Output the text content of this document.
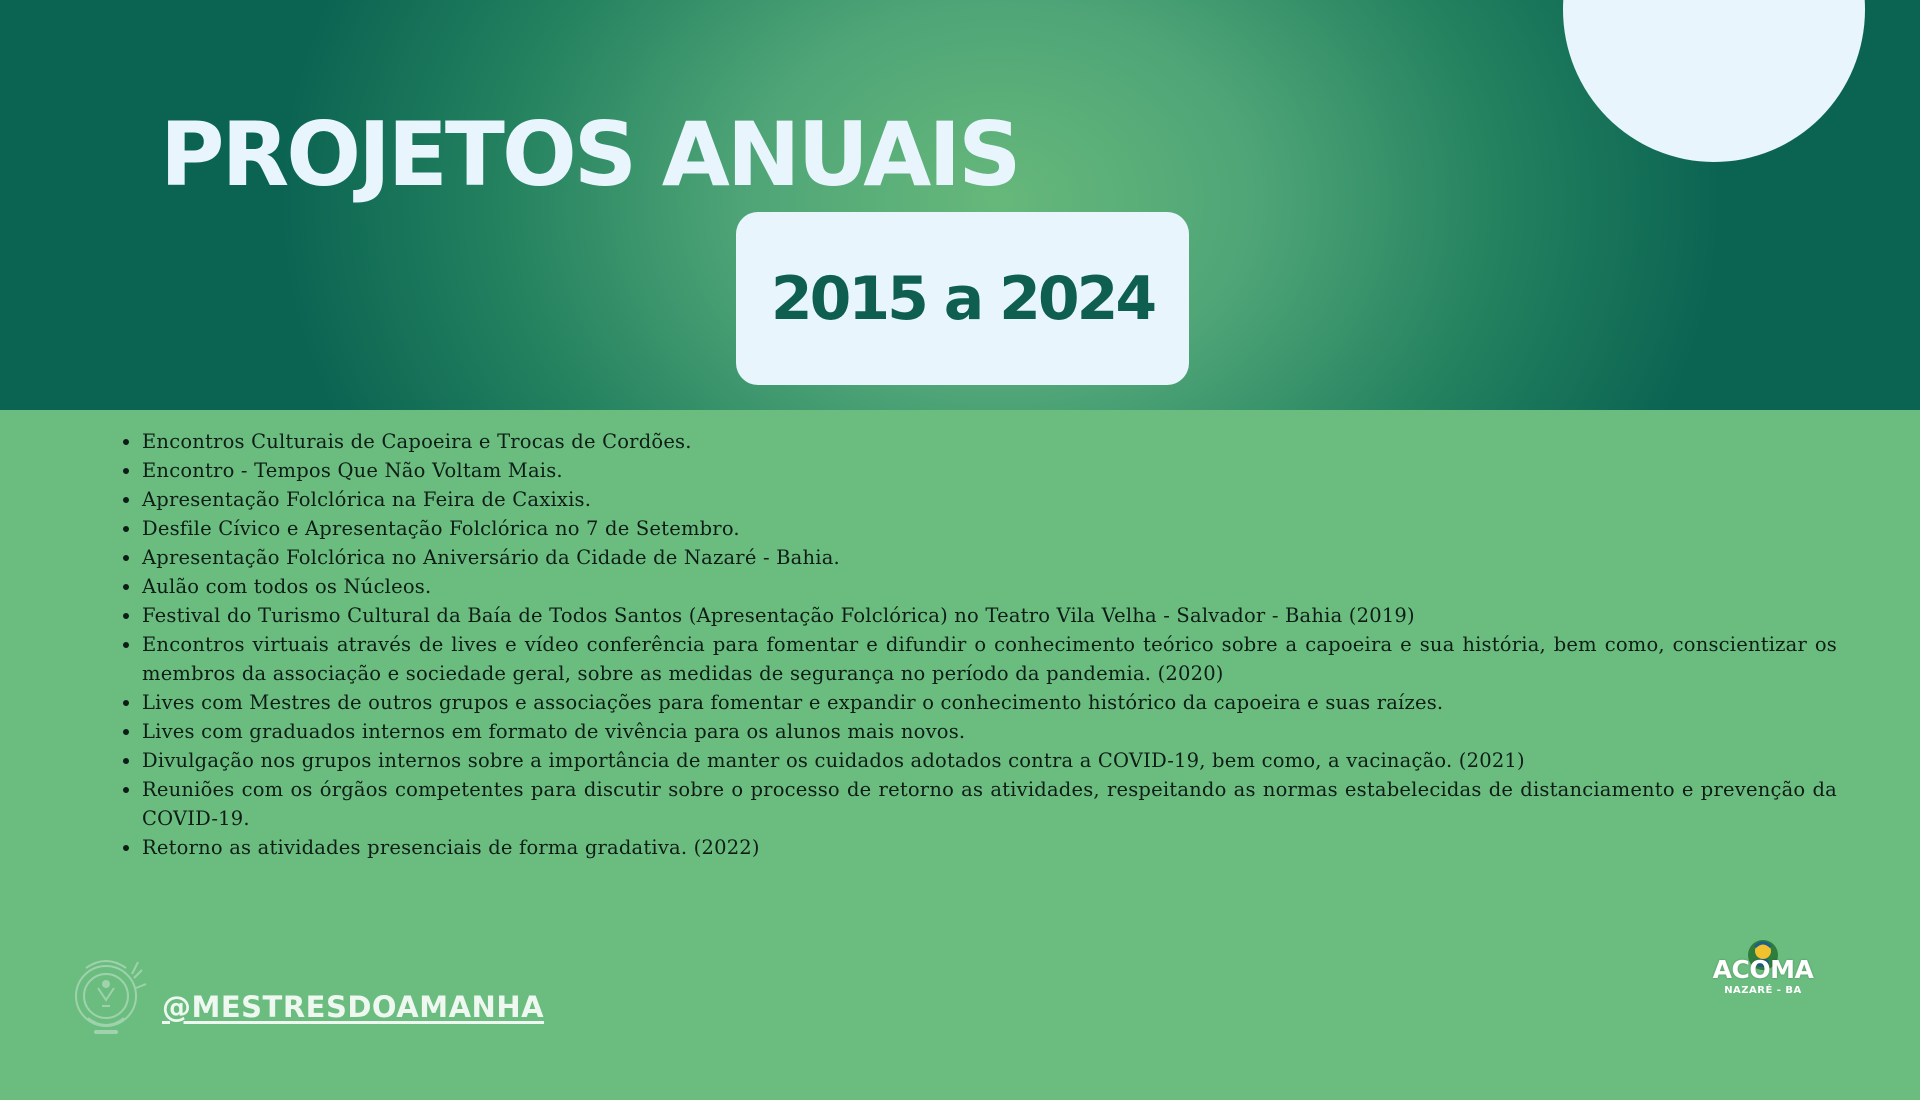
PROJETOS ANUAIS
2015 a 2024
Encontros Culturais de Capoeira e Trocas de Cordões.
Encontro - Tempos Que Não Voltam Mais.
Apresentação Folclórica na Feira de Caxixis.
Desfile Cívico e Apresentação Folclórica no 7 de Setembro.
Apresentação Folclórica no Aniversário da Cidade de Nazaré - Bahia.
Aulão com todos os Núcleos.
Festival do Turismo Cultural da Baía de Todos Santos (Apresentação Folclórica) no Teatro Vila Velha - Salvador - Bahia (2019)
Encontros virtuais através de lives e vídeo conferência para fomentar e difundir o conhecimento teórico sobre a capoeira e sua história, bem como, conscientizar os membros da associação e sociedade geral, sobre as medidas de segurança no período da pandemia. (2020)
Lives com Mestres de outros grupos e associações para fomentar e expandir o conhecimento histórico da capoeira e suas raízes.
Lives com graduados internos em formato de vivência para os alunos mais novos.
Divulgação nos grupos internos sobre a importância de manter os cuidados adotados contra a COVID-19, bem como, a vacinação. (2021)
Reuniões com os órgãos competentes para discutir sobre o processo de retorno as atividades, respeitando as normas estabelecidas de distanciamento e prevenção da COVID-19.
Retorno as atividades presenciais de forma gradativa. (2022)
@MESTRESDOAMANHA
ACOMA
NAZARÉ - BA
